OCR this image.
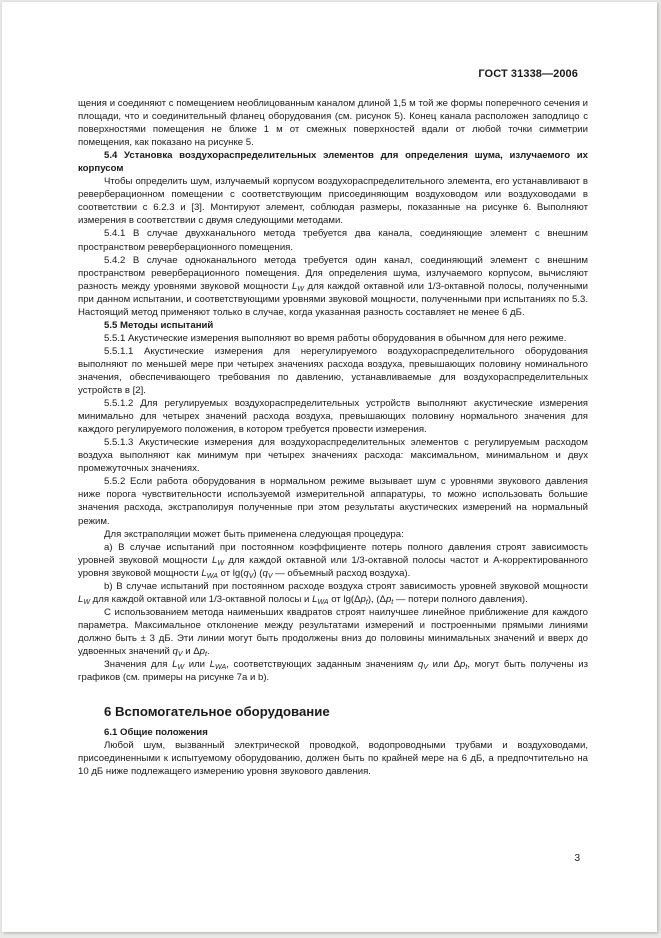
ГОСТ 31338—2006

щения и соединяют с помещением необлицованным каналом длиной 1,5 м той же формы поперечного сечения и площади, что и соединительный фланец оборудования (см. рисунок 5). Конец канала расположен заподлицо с поверхностями помещения не ближе 1 м от смежных поверхностей вдали от любой точки симметрии помещения, как показано на рисунке 5.

5.4 Установка воздухораспределительных элементов для определения шума, излучаемого их корпусом

Чтобы определить шум, излучаемый корпусом воздухораспределительного элемента, его устанавливают в реверберационном помещении с соответствующим присоединяющим воздуховодом или воздуховодами в соответствии с 6.2.3 и [3]. Монтируют элемент, соблюдая размеры, показанные на рисунке 6. Выполняют измерения в соответствии с двумя следующими методами.

5.4.1 В случае двухканального метода требуется два канала, соединяющие элемент с внешним пространством реверберационного помещения.

5.4.2 В случае одноканального метода требуется один канал, соединяющий элемент с внешним пространством реверберационного помещения. Для определения шума, излучаемого корпусом, вычисляют разность между уровнями звуковой мощности $L_W$ для каждой октавной или 1/3-октавной полосы, полученными при данном испытании, и соответствующими уровнями звуковой мощности, полученными при испытаниях по 5.3. Настоящий метод применяют только в случае, когда указанная разность составляет не менее 6 дБ.

5.5 Методы испытаний

5.5.1 Акустические измерения выполняют во время работы оборудования в обычном для него режиме.

5.5.1.1 Акустические измерения для нерегулируемого воздухораспределительного оборудования выполняют по меньшей мере при четырех значениях расхода воздуха, превышающих половину номинального значения, обеспечивающего требования по давлению, устанавливаемые для воздухораспределительных устройств в [2].

5.5.1.2 Для регулируемых воздухораспределительных устройств выполняют акустические измерения минимально для четырех значений расхода воздуха, превышающих половину нормального значения для каждого регулируемого положения, в котором требуется провести измерения.

5.5.1.3 Акустические измерения для воздухораспределительных элементов с регулируемым расходом воздуха выполняют как минимум при четырех значениях расхода: максимальном, минимальном и двух промежуточных значениях.

5.5.2 Если работа оборудования в нормальном режиме вызывает шум с уровнями звукового давления ниже порога чувствительности используемой измерительной аппаратуры, то можно использовать большие значения расхода, экстраполируя полученные при этом результаты акустических измерений на нормальный режим.

Для экстраполяции может быть применена следующая процедура:

a) В случае испытаний при постоянном коэффициенте потерь полного давления строят зависимость уровней звуковой мощности $L_W$ для каждой октавной или 1/3-октавной полосы частот и А-корректированного уровня звуковой мощности $L_{WA}$ от $\lg(q_V)$ ($q_V$ — объемный расход воздуха).

b) В случае испытаний при постоянном расходе воздуха строят зависимость уровней звуковой мощности $L_W$ для каждой октавной или 1/3-октавной полосы и $L_{WA}$ от $\lg(\Delta p_t)$, ($\Delta p_t$ — потери полного давления).

С использованием метода наименьших квадратов строят наилучшее линейное приближение для каждого параметра. Максимальное отклонение между результатами измерений и построенными прямыми линиями должно быть ± 3 дБ. Эти линии могут быть продолжены вниз до половины минимальных значений и вверх до удвоенных значений $q_V$ и $\Delta p_t$.

Значения для $L_W$ или $L_{WA}$, соответствующих заданным значениям $q_V$ или $\Delta p_t$, могут быть получены из графиков (см. примеры на рисунке 7a и b).

6 Вспомогательное оборудование

6.1 Общие положения

Любой шум, вызванный электрической проводкой, водопроводными трубами и воздуховодами, присоединенными к испытуемому оборудованию, должен быть по крайней мере на 6 дБ, а предпочтительно на 10 дБ ниже подлежащего измерению уровня звукового давления.

3
